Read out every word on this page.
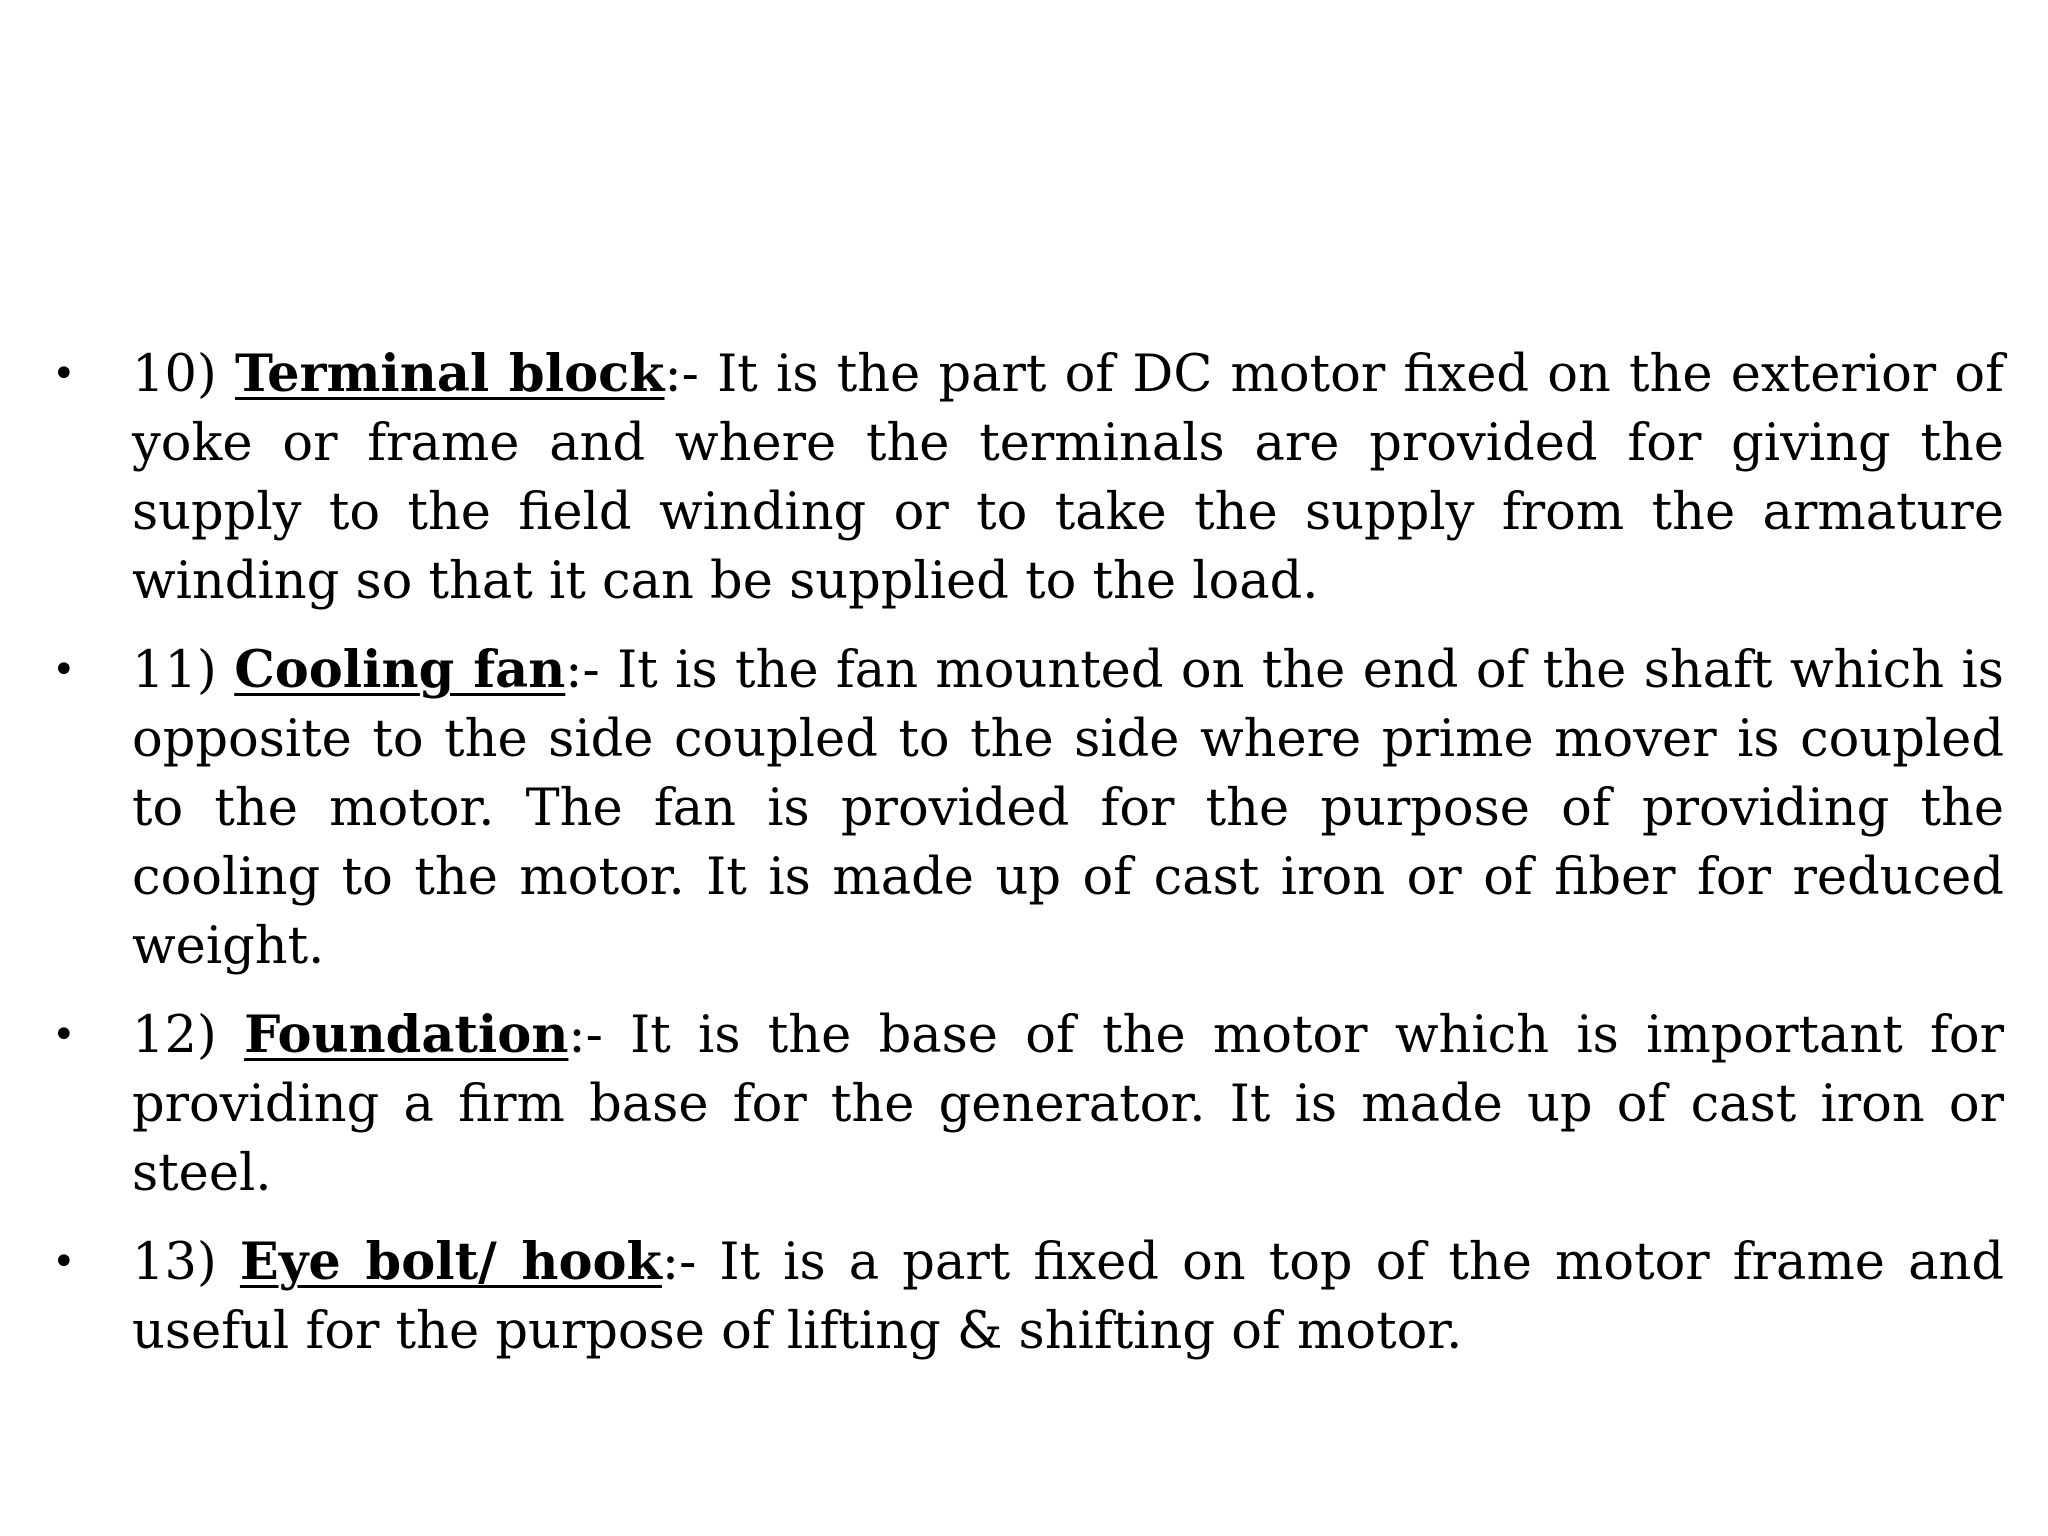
•	10) Terminal block:- It is the part of DC motor fixed on the exterior of yoke or frame and where the terminals are provided for giving the supply to the field winding or to take the supply from the armature winding so that it can be supplied to the load.
•	11) Cooling fan:- It is the fan mounted on the end of the shaft which is opposite to the side coupled to the side where prime mover is coupled to the motor. The fan is provided for the purpose of providing the cooling to the motor. It is made up of cast iron or of fiber for reduced weight.
•	12) Foundation:- It is the base of the motor which is important for providing a firm base for the generator. It is made up of cast iron or steel.
•	13) Eye bolt/ hook:- It is a part fixed on top of the motor frame and useful for the purpose of lifting & shifting of motor.
